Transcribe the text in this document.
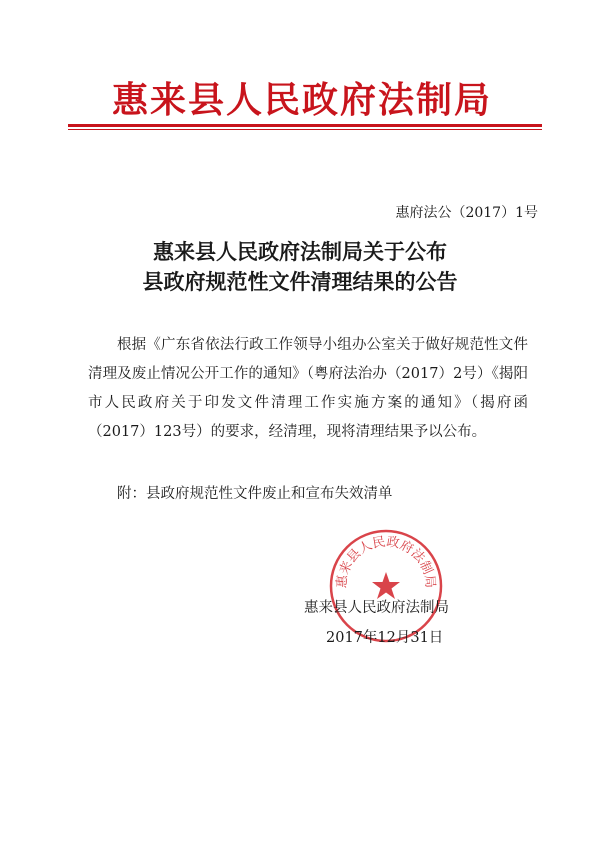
惠来县人民政府法制局
惠府法公（2017）1号
惠来县人民政府法制局关于公布
县政府规范性文件清理结果的公告
根据《广东省依法行政工作领导小组办公室关于做好规范性文件清理及废止情况公开工作的通知》（粤府法治办（2017）2号）《揭阳市人民政府关于印发文件清理工作实施方案的通知》（揭府函（2017）123号）的要求，经清理，现将清理结果予以公布。
附：县政府规范性文件废止和宣布失效清单
惠来县人民政府法制局
惠来县人民政府法制局
2017年12月31日
